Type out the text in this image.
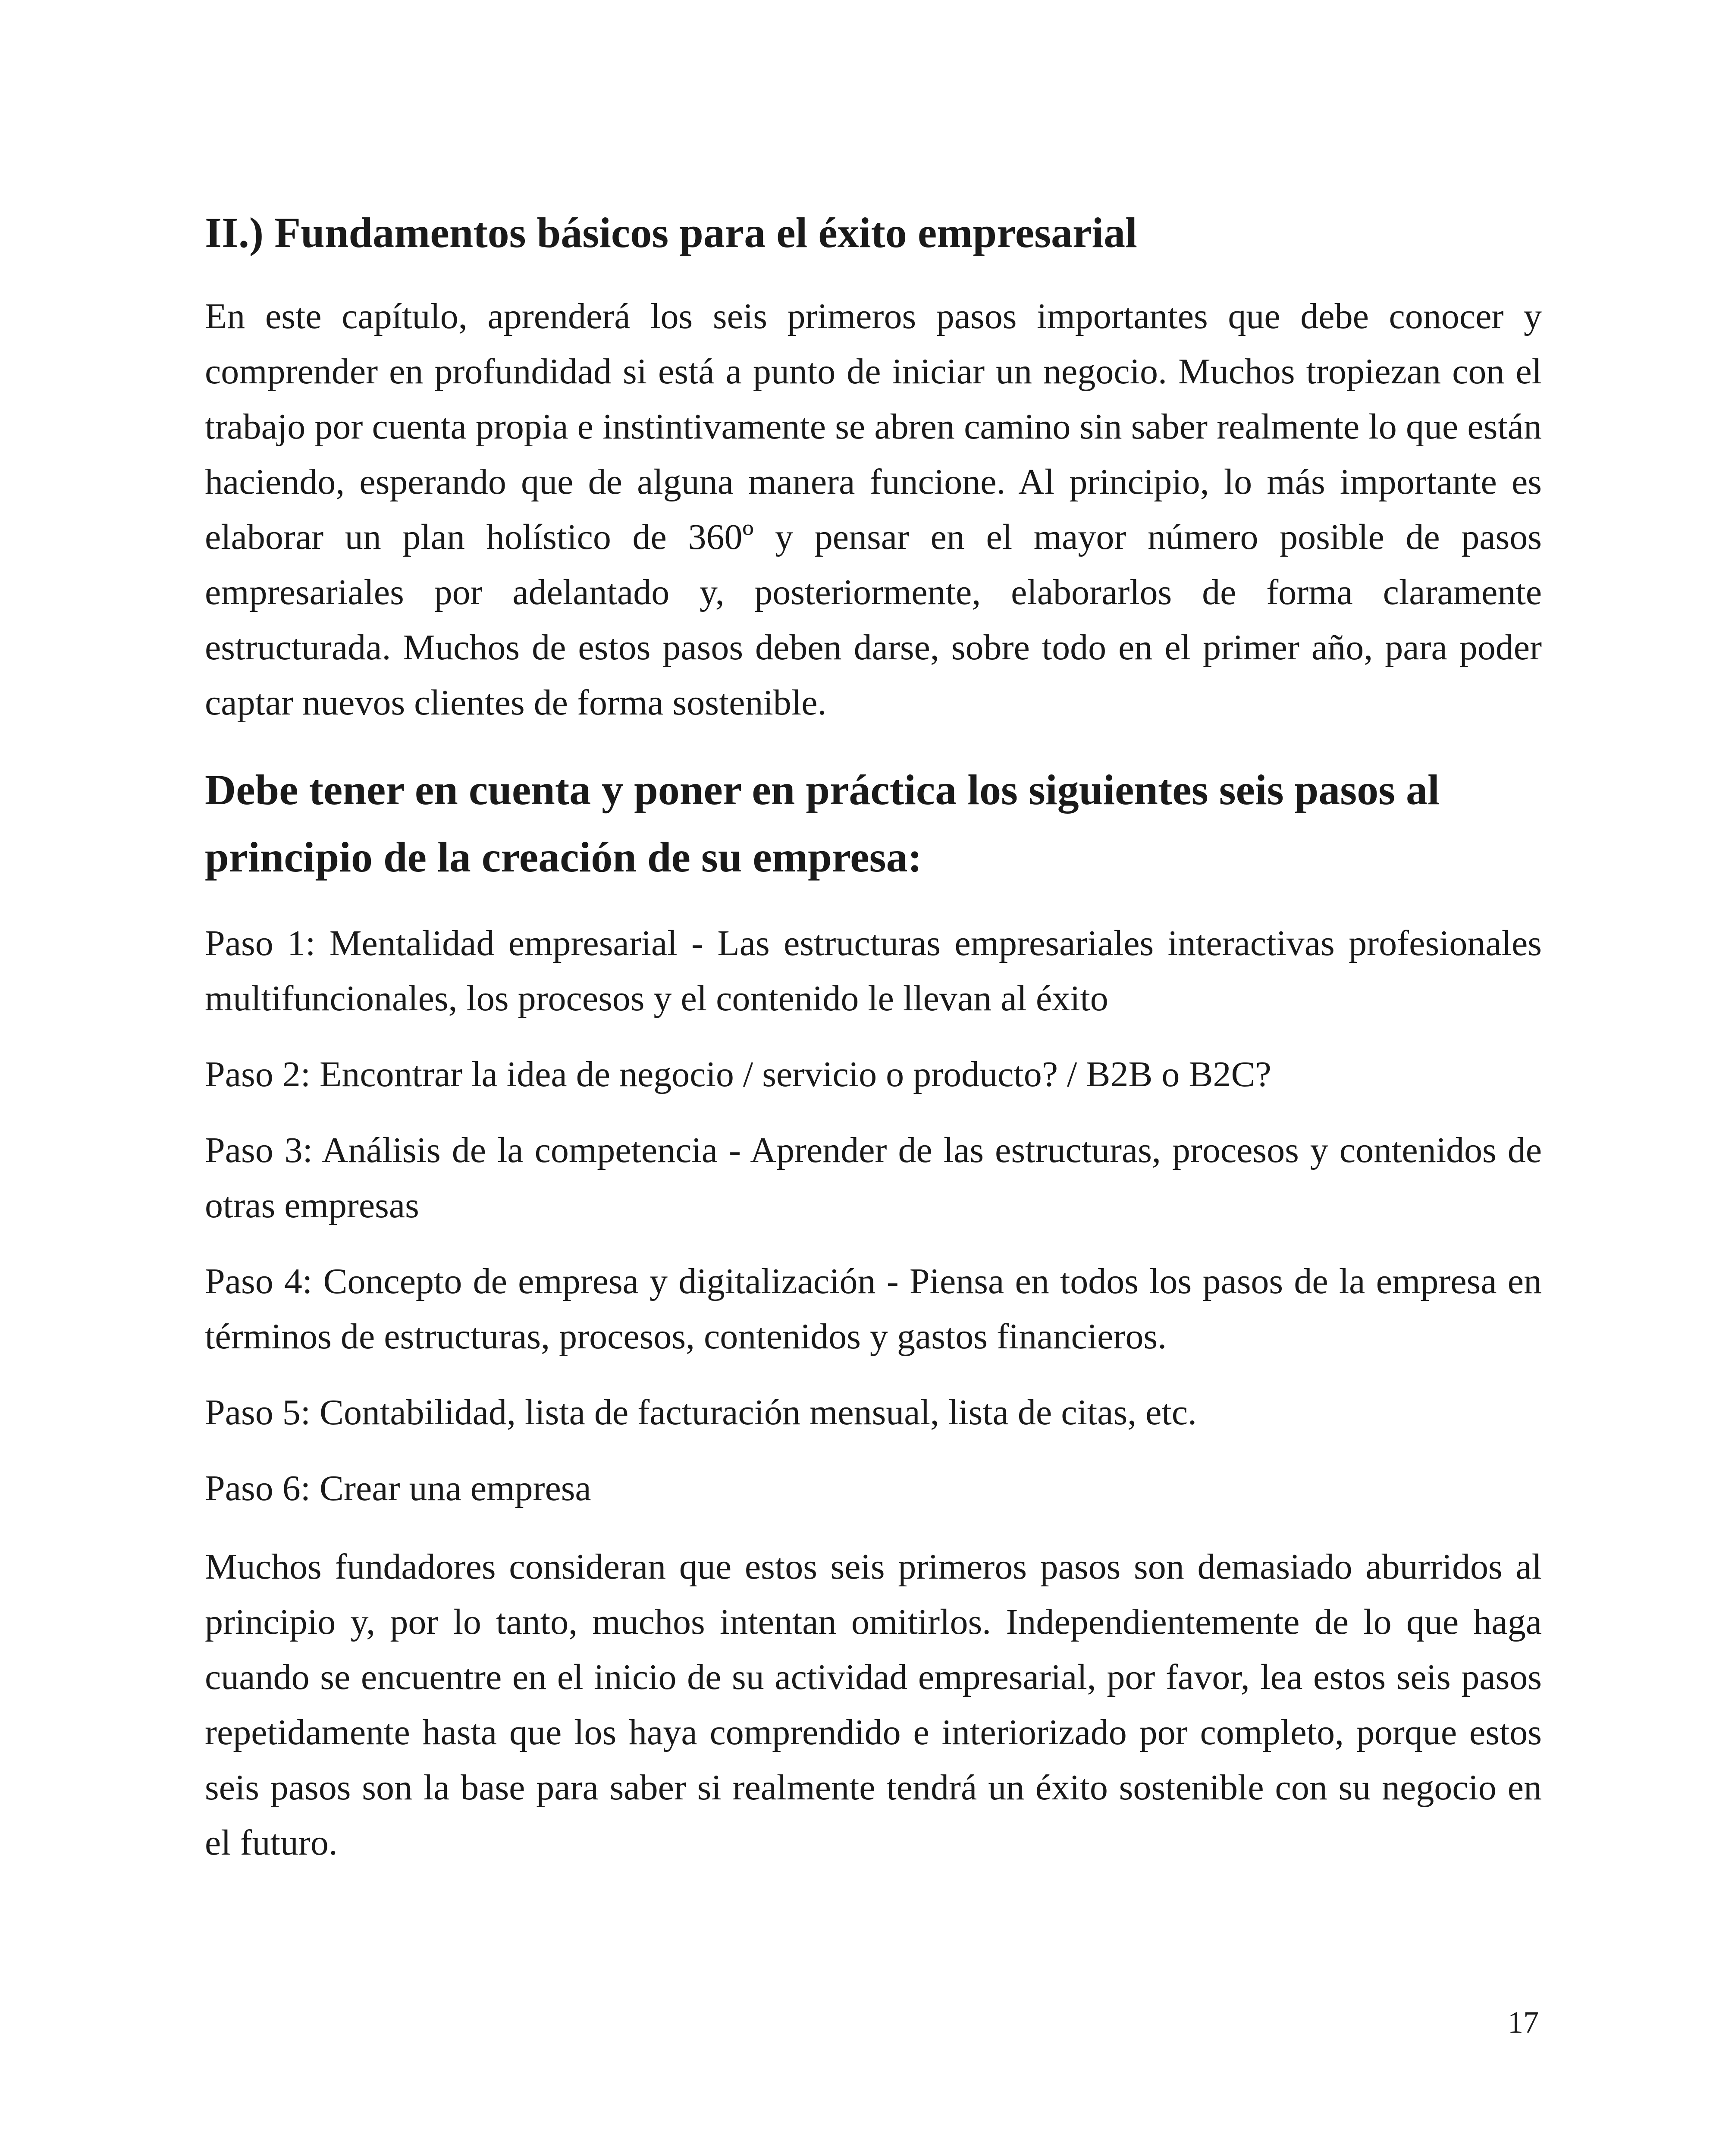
II.) Fundamentos básicos para el éxito empresarial

En este capítulo, aprenderá los seis primeros pasos importantes que debe conocer y comprender en profundidad si está a punto de iniciar un negocio. Muchos tropiezan con el trabajo por cuenta propia e instintivamente se abren camino sin saber realmente lo que están haciendo, esperando que de alguna manera funcione. Al principio, lo más importante es elaborar un plan holístico de 360º y pensar en el mayor número posible de pasos empresariales por adelantado y, posteriormente, elaborarlos de forma claramente estructurada. Muchos de estos pasos deben darse, sobre todo en el primer año, para poder captar nuevos clientes de forma sostenible.

Debe tener en cuenta y poner en práctica los siguientes seis pasos al principio de la creación de su empresa:

Paso 1: Mentalidad empresarial - Las estructuras empresariales interactivas profesionales multifuncionales, los procesos y el contenido le llevan al éxito

Paso 2: Encontrar la idea de negocio / servicio o producto? / B2B o B2C?

Paso 3: Análisis de la competencia - Aprender de las estructuras, procesos y contenidos de otras empresas

Paso 4: Concepto de empresa y digitalización - Piensa en todos los pasos de la empresa en términos de estructuras, procesos, contenidos y gastos financieros.

Paso 5: Contabilidad, lista de facturación mensual, lista de citas, etc.

Paso 6: Crear una empresa

Muchos fundadores consideran que estos seis primeros pasos son demasiado aburridos al principio y, por lo tanto, muchos intentan omitirlos. Independientemente de lo que haga cuando se encuentre en el inicio de su actividad empresarial, por favor, lea estos seis pasos repetidamente hasta que los haya comprendido e interiorizado por completo, porque estos seis pasos son la base para saber si realmente tendrá un éxito sostenible con su negocio en el futuro.

17
